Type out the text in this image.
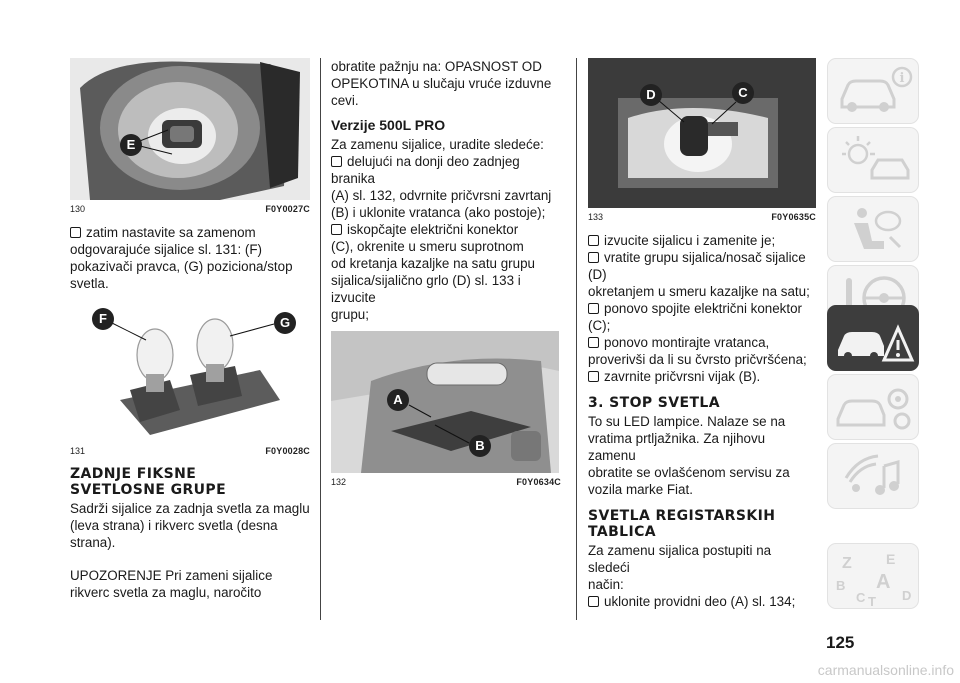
E
130	F0Y0027C
zatim nastavite sa zamenom
odgovarajuće sijalice sl. 131: (F)
pokazivači pravca, (G) poziciona/stop
svetla.
F	G
131	F0Y0028C
ZADNJE FIKSNE
SVETLOSNE GRUPE
Sadrži sijalice za zadnja svetla za maglu
(leva strana) i rikverc svetla (desna
strana).
UPOZORENJE Pri zameni sijalice
rikverc svetla za maglu, naročito
obratite pažnju na: OPASNOST OD
OPEKOTINA u slučaju vruće izduvne
cevi.
Verzije 500L PRO
Za zamenu sijalice, uradite sledeće:
delujući na donji deo zadnjeg branika
(A) sl. 132, odvrnite pričvrsni zavrtanj
(B) i uklonite vratanca (ako postoje);
iskopčajte električni konektor
(C), okrenite u smeru suprotnom
od kretanja kazaljke na satu grupu
sijalica/sijalično grlo (D) sl. 133 i izvucite
grupu;
A
B
132	F0Y0634C
D	C
133	F0Y0635C
izvucite sijalicu i zamenite je;
vratite grupu sijalica/nosač sijalice (D)
okretanjem u smeru kazaljke na satu;
ponovo spojite električni konektor
(C);
ponovo montirajte vratanca,
proverivši da li su čvrsto pričvršćena;
zavrnite pričvrsni vijak (B).
3. STOP SVETLA
To su LED lampice. Nalaze se na
vratima prtljažnika. Za njihovu zamenu
obratite se ovlašćenom servisu za
vozila marke Fiat.
SVETLA REGISTARSKIH
TABLICA
Za zamenu sijalica postupiti na sledeći
način:
uklonite providni deo (A) sl. 134;
i
Z E
B A
C	D
T
125
carmanualsonline.info
